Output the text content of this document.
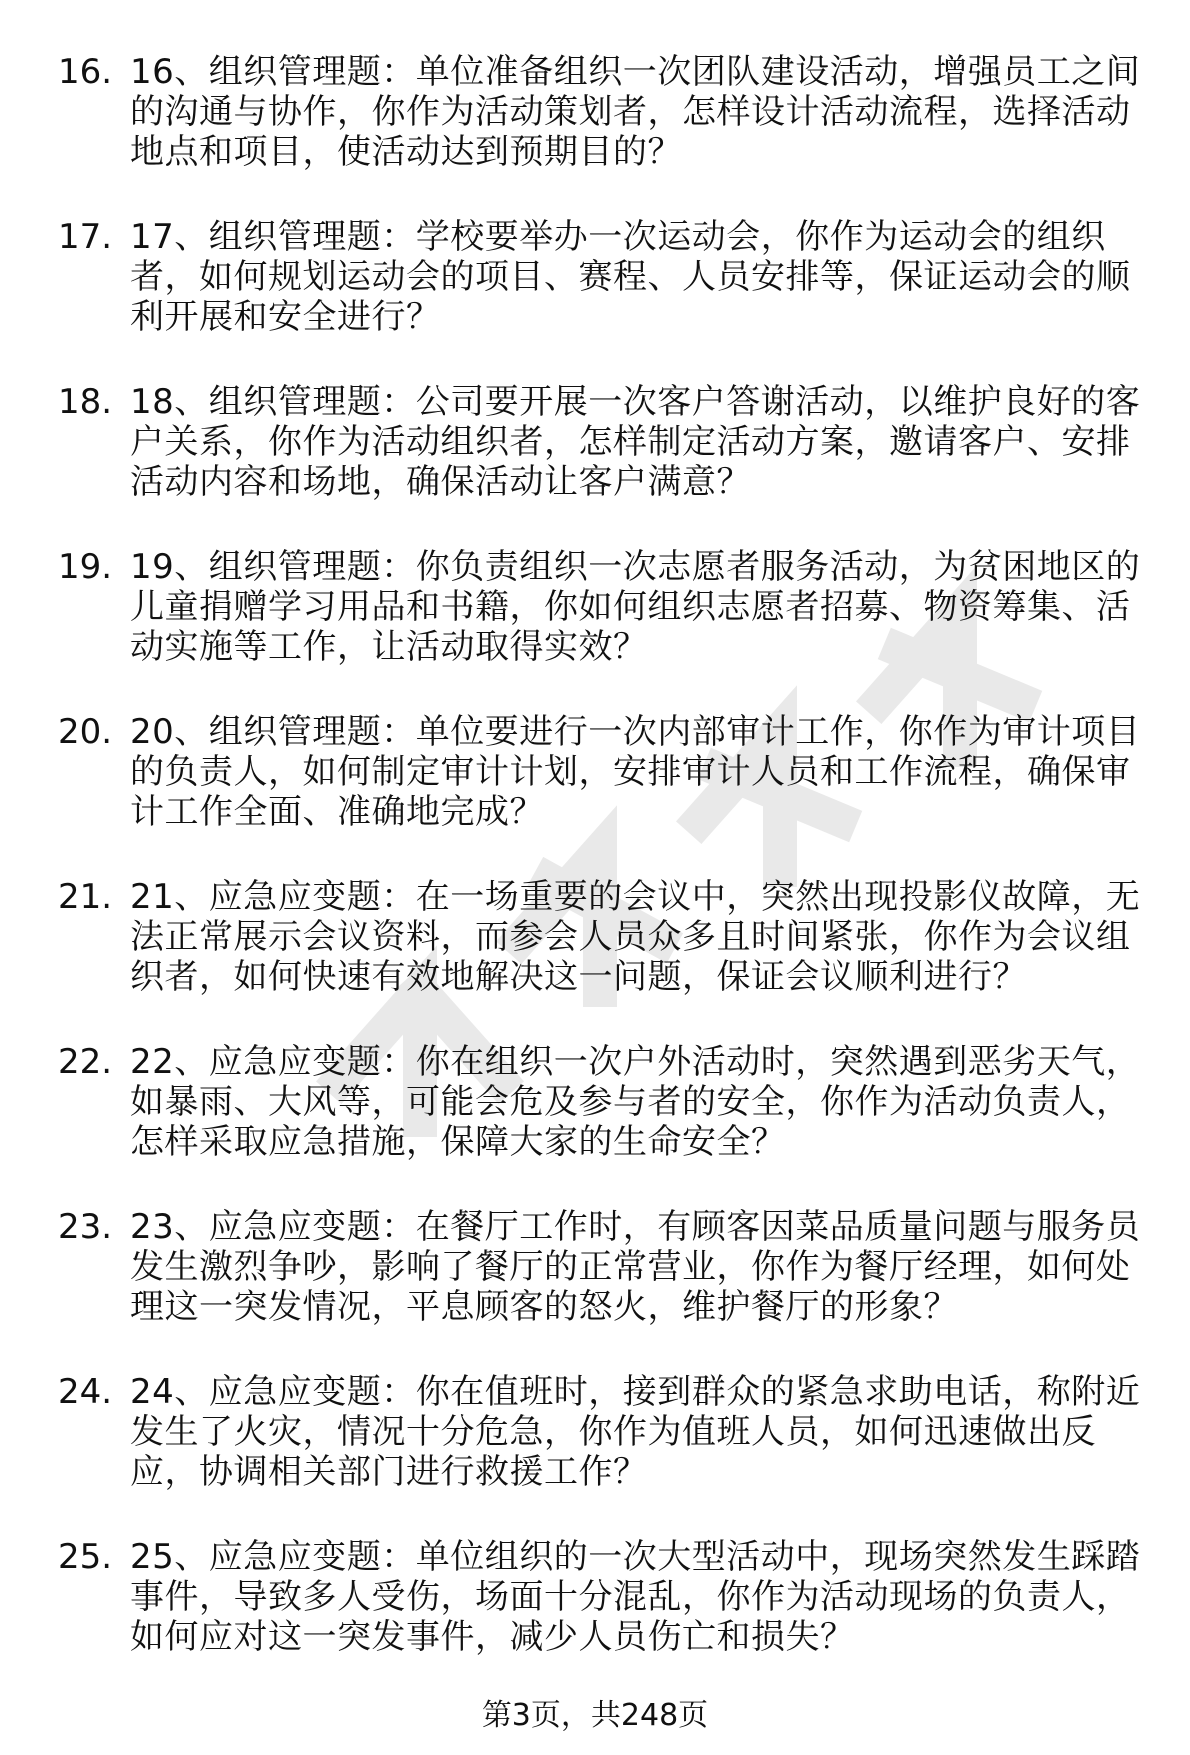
16. 16、组织管理题：单位准备组织一次团队建设活动，增强员工之间的沟通与协作，你作为活动策划者，怎样设计活动流程，选择活动地点和项目，使活动达到预期目的？
17. 17、组织管理题：学校要举办一次运动会，你作为运动会的组织者，如何规划运动会的项目、赛程、人员安排等，保证运动会的顺利开展和安全进行？
18. 18、组织管理题：公司要开展一次客户答谢活动，以维护良好的客户关系，你作为活动组织者，怎样制定活动方案，邀请客户、安排活动内容和场地，确保活动让客户满意？
19. 19、组织管理题：你负责组织一次志愿者服务活动，为贫困地区的儿童捐赠学习用品和书籍，你如何组织志愿者招募、物资筹集、活动实施等工作，让活动取得实效？
20. 20、组织管理题：单位要进行一次内部审计工作，你作为审计项目的负责人，如何制定审计计划，安排审计人员和工作流程，确保审计工作全面、准确地完成？
21. 21、应急应变题：在一场重要的会议中，突然出现投影仪故障，无法正常展示会议资料，而参会人员众多且时间紧张，你作为会议组织者，如何快速有效地解决这一问题，保证会议顺利进行？
22. 22、应急应变题：你在组织一次户外活动时，突然遇到恶劣天气，如暴雨、大风等，可能会危及参与者的安全，你作为活动负责人，怎样采取应急措施，保障大家的生命安全？
23. 23、应急应变题：在餐厅工作时，有顾客因菜品质量问题与服务员发生激烈争吵，影响了餐厅的正常营业，你作为餐厅经理，如何处理这一突发情况，平息顾客的怒火，维护餐厅的形象？
24. 24、应急应变题：你在值班时，接到群众的紧急求助电话，称附近发生了火灾，情况十分危急，你作为值班人员，如何迅速做出反应，协调相关部门进行救援工作？
25. 25、应急应变题：单位组织的一次大型活动中，现场突然发生踩踏事件，导致多人受伤，场面十分混乱，你作为活动现场的负责人，如何应对这一突发事件，减少人员伤亡和损失？
第3页，共248页
